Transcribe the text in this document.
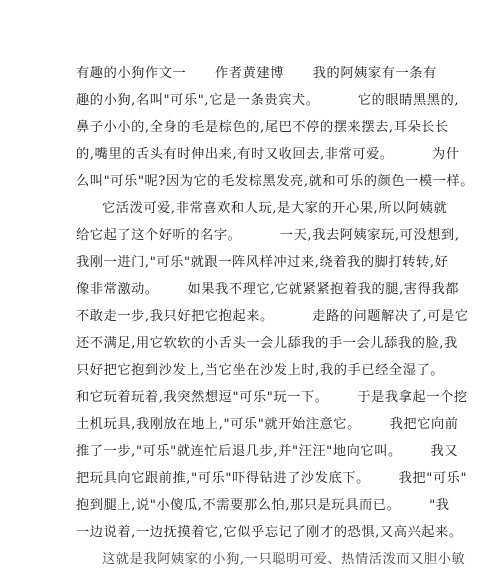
有趣的小狗作文一      作者黄建博      我的阿姨家有一条有
趣的小狗,名叫"可乐",它是一条贵宾犬。        它的眼睛黑黑的,
鼻子小小的,全身的毛是棕色的,尾巴不停的摆来摆去,耳朵长长
的,嘴里的舌头有时伸出来,有时又收回去,非常可爱。        为什
么叫"可乐"呢?因为它的毛发棕黑发亮,就和可乐的颜色一模一样。
它活泼可爱,非常喜欢和人玩,是大家的开心果,所以阿姨就
给它起了这个好听的名字。        一天,我去阿姨家玩,可没想到,
我刚一进门,"可乐"就跟一阵风样冲过来,绕着我的脚打转转,好
像非常激动。      如果我不理它,它就紧紧抱着我的腿,害得我都
不敢走一步,我只好把它抱起来。        走路的问题解决了,可是它
还不满足,用它软软的小舌头一会儿舔我的手一会儿舔我的脸,我
只好把它抱到沙发上,当它坐在沙发上时,我的手已经全湿了。
和它玩着玩着,我突然想逗"可乐"玩一下。      于是我拿起一个挖
土机玩具,我刚放在地上,"可乐"就开始注意它。      我把它向前
推了一步,"可乐"就连忙后退几步,并"汪汪"地向它叫。      我又
把玩具向它跟前推,"可乐"吓得钻进了沙发底下。      我把"可乐"
抱到腿上,说"小傻瓜,不需要那么怕,那只是玩具而已。      "我
一边说着,一边抚摸着它,它似乎忘记了刚才的恐惧,又高兴起来。
这就是我阿姨家的小狗,一只聪明可爱、热情活泼而又胆小敏
